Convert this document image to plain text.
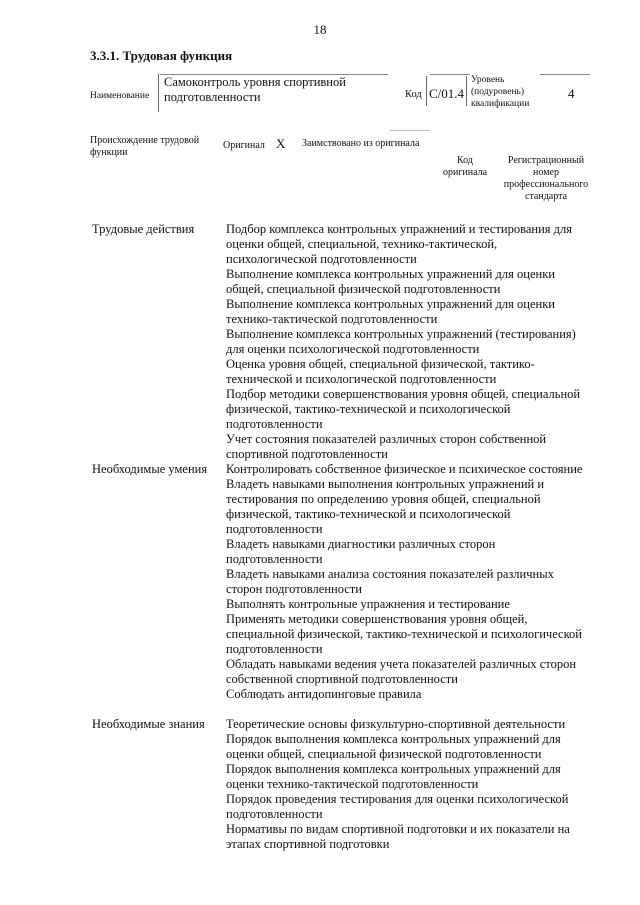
18
3.3.1. Трудовая функция
Наименование
Самоконтроль уровня спортивной подготовленности	Код C/01.4
Уровень (подуровень) квалификации
4
Происхождение трудовой функции
Оригинал X Заимствовано из оригинала
Код оригинала
Регистрационный номер профессионального стандарта
Трудовые действия	Подбор комплекса контрольных упражнений и тестирования для оценки общей, специальной, технико-тактической, психологической подготовленности
Выполнение комплекса контрольных упражнений для оценки общей, специальной физической подготовленности
Выполнение комплекса контрольных упражнений для оценки технико-тактической подготовленности
Выполнение комплекса контрольных упражнений (тестирования) для оценки психологической подготовленности
Оценка уровня общей, специальной физической, тактико-технической и психологической подготовленности
Подбор методики совершенствования уровня общей, специальной физической, тактико-технической и психологической подготовленности
Учет состояния показателей различных сторон собственной спортивной подготовленности
Необходимые умения Контролировать собственное физическое и психическое состояние
Владеть навыками выполнения контрольных упражнений и тестирования по определению уровня общей, специальной физической, тактико-технической и психологической подготовленности
Владеть навыками диагностики различных сторон подготовленности
Владеть навыками анализа состояния показателей различных сторон подготовленности
Выполнять контрольные упражнения и тестирование
Применять методики совершенствования уровня общей, специальной физической, тактико-технической и психологической подготовленности
Обладать навыками ведения учета показателей различных сторон собственной спортивной подготовленности
Соблюдать антидопинговые правила
Необходимые знания Теоретические основы физкультурно-спортивной деятельности
Порядок выполнения комплекса контрольных упражнений для оценки общей, специальной физической подготовленности
Порядок выполнения комплекса контрольных упражнений для оценки технико-тактической подготовленности
Порядок проведения тестирования для оценки психологической подготовленности
Нормативы по видам спортивной подготовки и их показатели на этапах спортивной подготовки
